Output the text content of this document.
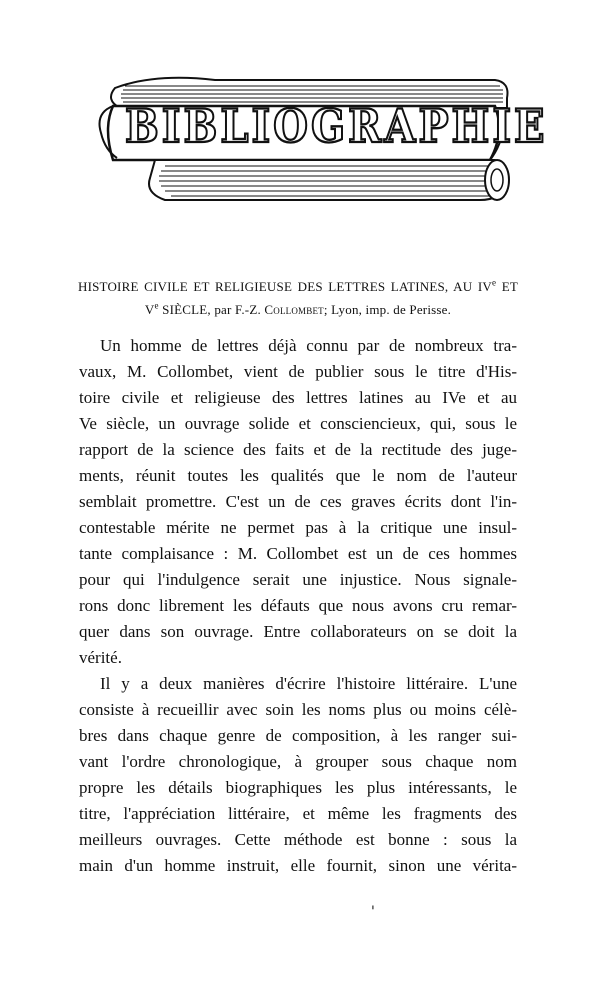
BIBLIOGRAPHIE
HISTOIRE CIVILE ET RELIGIEUSE DES LETTRES LATINES, AU IVe ET
Ve SIÈCLE, par F.-Z. Collombet; Lyon, imp. de Perisse.
Un homme de lettres déjà connu par de nombreux tra-
vaux, M. Collombet, vient de publier sous le titre d'His-
toire civile et religieuse des lettres latines au IVe et au
Ve siècle, un ouvrage solide et consciencieux, qui, sous le
rapport de la science des faits et de la rectitude des juge-
ments, réunit toutes les qualités que le nom de l'auteur
semblait promettre. C'est un de ces graves écrits dont l'in-
contestable mérite ne permet pas à la critique une insul-
tante complaisance : M. Collombet est un de ces hommes
pour qui l'indulgence serait une injustice. Nous signale-
rons donc librement les défauts que nous avons cru remar-
quer dans son ouvrage. Entre collaborateurs on se doit la
vérité.
Il y a deux manières d'écrire l'histoire littéraire. L'une
consiste à recueillir avec soin les noms plus ou moins célè-
bres dans chaque genre de composition, à les ranger sui-
vant l'ordre chronologique, à grouper sous chaque nom
propre les détails biographiques les plus intéressants, le
titre, l'appréciation littéraire, et même les fragments des
meilleurs ouvrages. Cette méthode est bonne : sous la
main d'un homme instruit, elle fournit, sinon une vérita-
'
